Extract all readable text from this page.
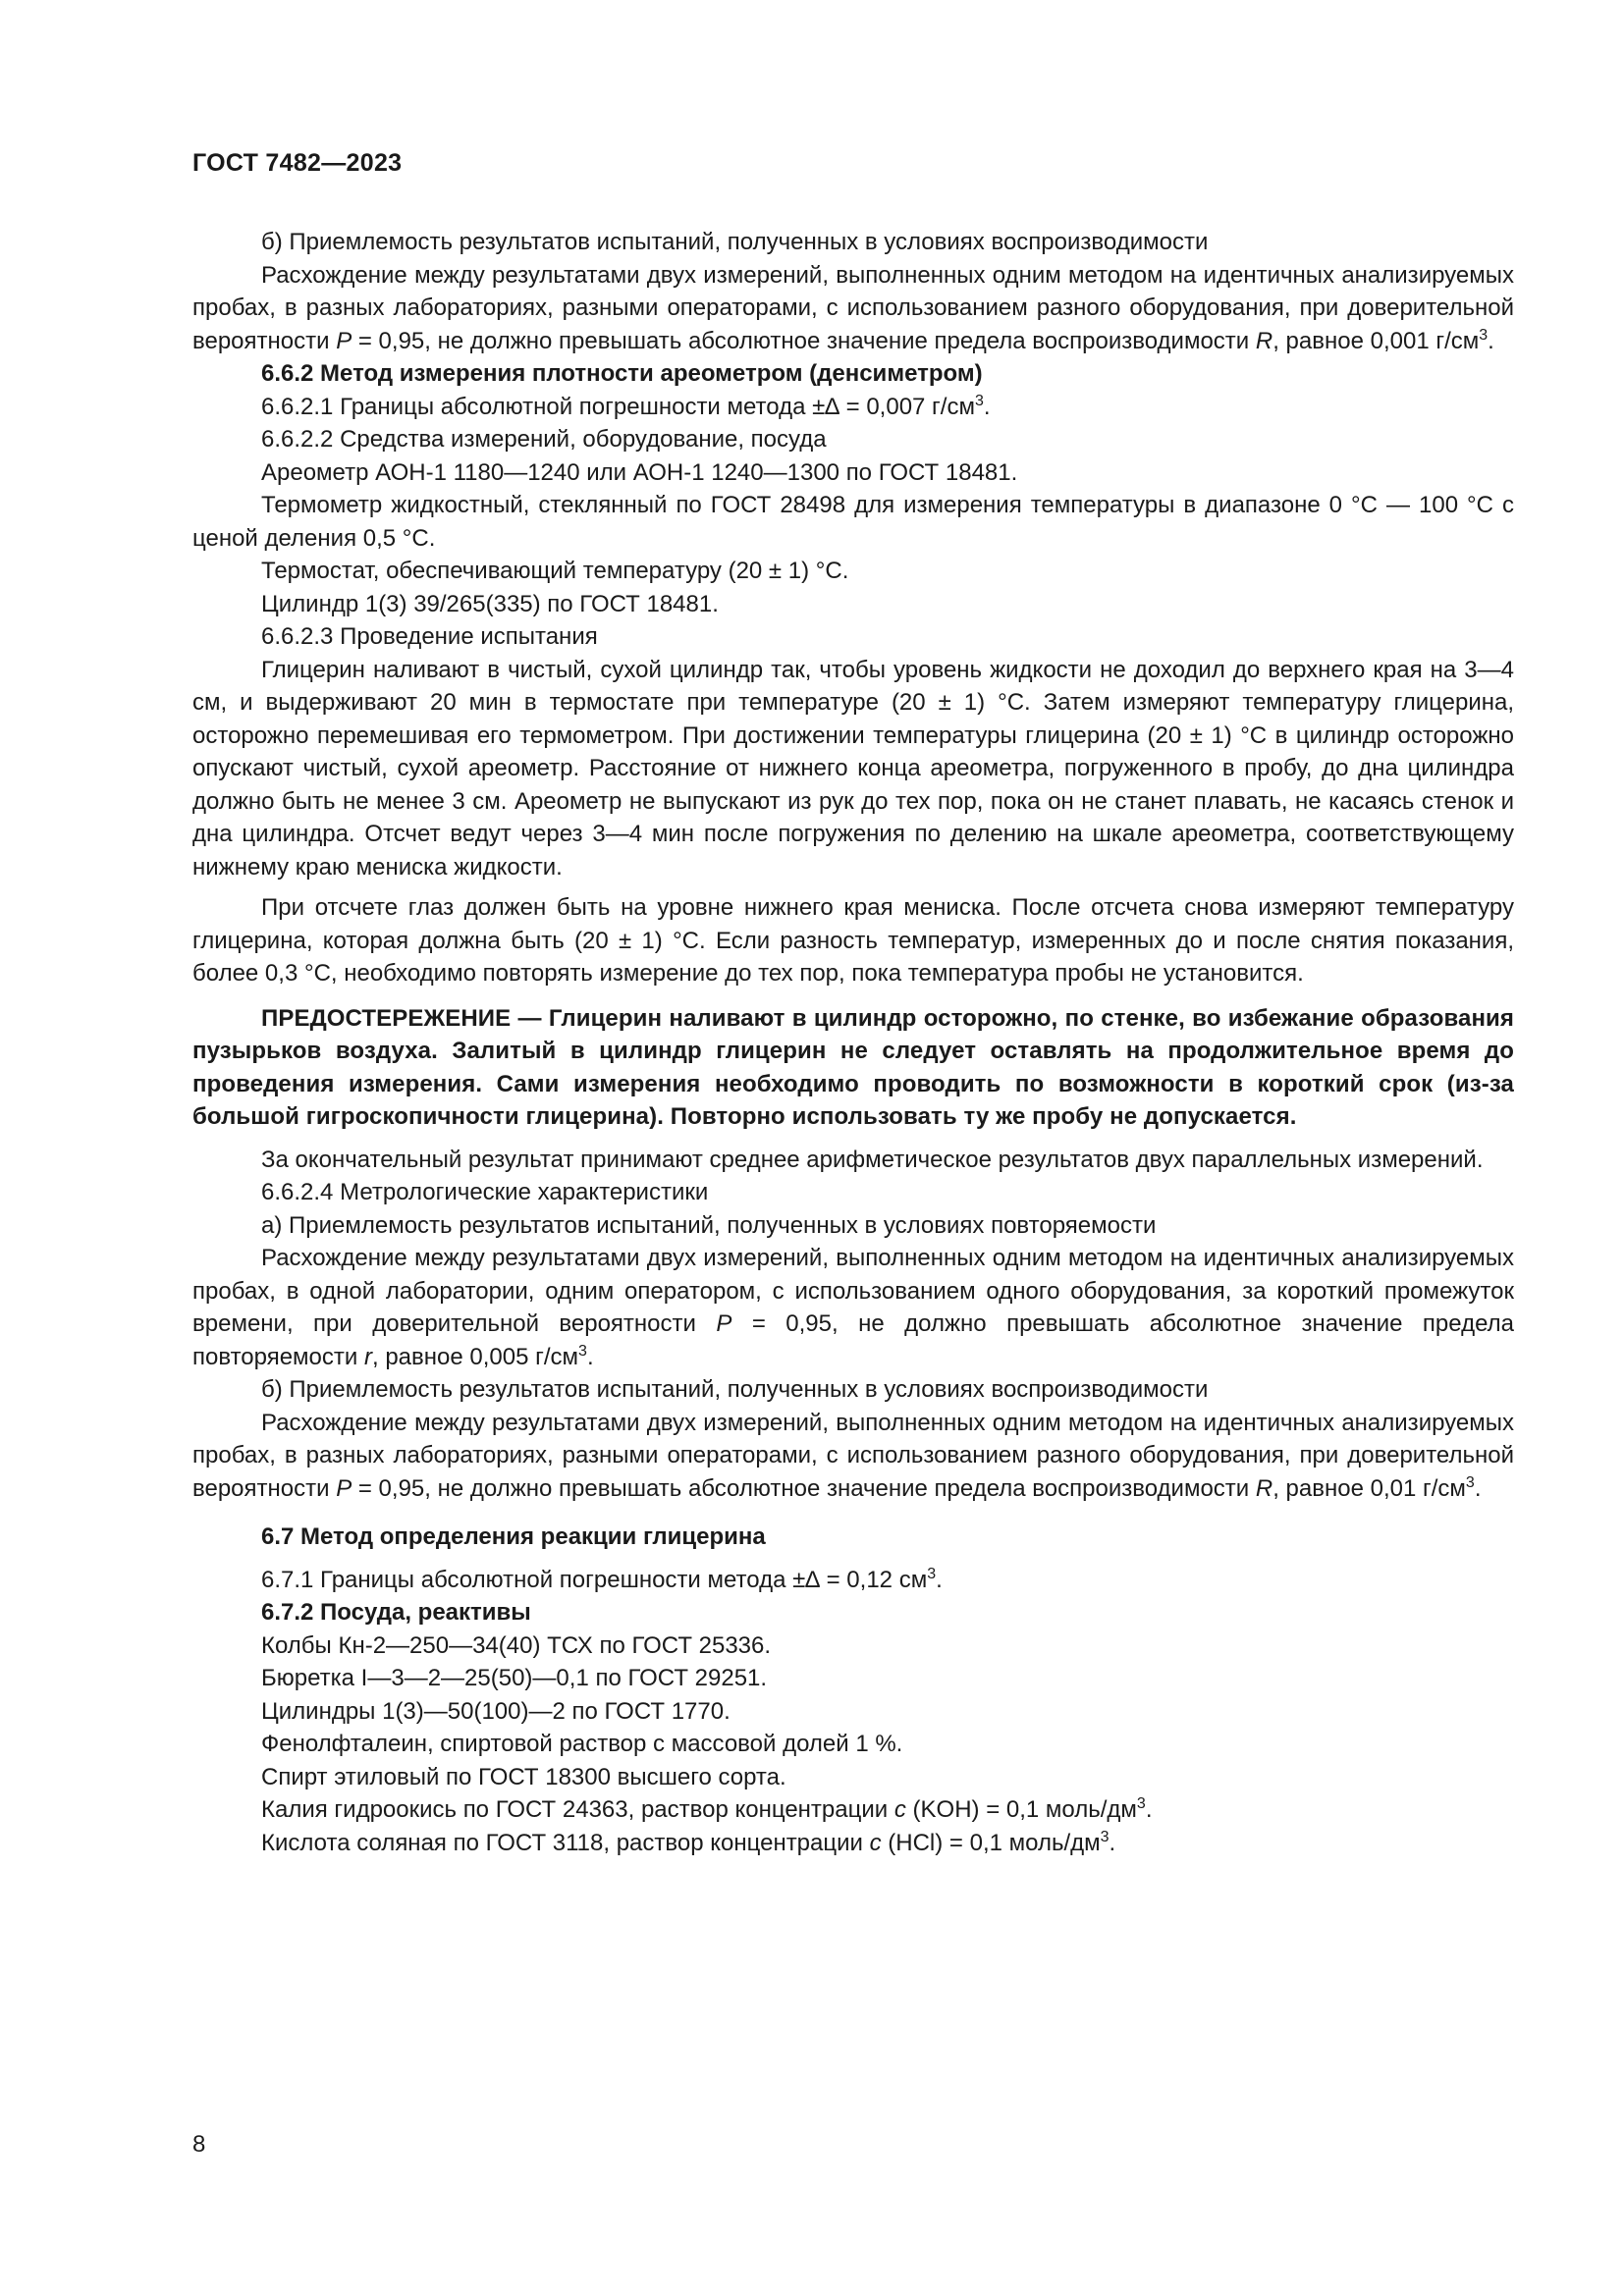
ГОСТ 7482—2023

б) Приемлемость результатов испытаний, полученных в условиях воспроизводимости

Расхождение между результатами двух измерений, выполненных одним методом на идентичных анализируемых пробах, в разных лабораториях, разными операторами, с использованием разного оборудования, при доверительной вероятности P = 0,95, не должно превышать абсолютное значение предела воспроизводимости R, равное 0,001 $г/см^3$.

6.6.2 Метод измерения плотности ареометром (денсиметром)

6.6.2.1 Границы абсолютной погрешности метода ±∆ = 0,007 $г/см^3$.

6.6.2.2 Средства измерений, оборудование, посуда

Ареометр АОН-1 1180—1240 или АОН-1 1240—1300 по ГОСТ 18481.

Термометр жидкостный, стеклянный по ГОСТ 28498 для измерения температуры в диапазоне 0 °С — 100 °С с ценой деления 0,5 °С.

Термостат, обеспечивающий температуру (20 ± 1) °С.

Цилиндр 1(3) 39/265(335) по ГОСТ 18481.

6.6.2.3 Проведение испытания

Глицерин наливают в чистый, сухой цилиндр так, чтобы уровень жидкости не доходил до верхнего края на 3—4 см, и выдерживают 20 мин в термостате при температуре (20 ± 1) °С. Затем измеряют температуру глицерина, осторожно перемешивая его термометром. При достижении температуры глицерина (20 ± 1) °С в цилиндр осторожно опускают чистый, сухой ареометр. Расстояние от нижнего конца ареометра, погруженного в пробу, до дна цилиндра должно быть не менее 3 см. Ареометр не выпускают из рук до тех пор, пока он не станет плавать, не касаясь стенок и дна цилиндра. Отсчет ведут через 3—4 мин после погружения по делению на шкале ареометра, соответствующему нижнему краю мениска жидкости.

При отсчете глаз должен быть на уровне нижнего края мениска. После отсчета снова измеряют температуру глицерина, которая должна быть (20 ± 1) °С. Если разность температур, измеренных до и после снятия показания, более 0,3 °С, необходимо повторять измерение до тех пор, пока температура пробы не установится.

ПРЕДОСТЕРЕЖЕНИЕ — Глицерин наливают в цилиндр осторожно, по стенке, во избежание образования пузырьков воздуха. Залитый в цилиндр глицерин не следует оставлять на продолжительное время до проведения измерения. Сами измерения необходимо проводить по возможности в короткий срок (из-за большой гигроскопичности глицерина). Повторно использовать ту же пробу не допускается.

За окончательный результат принимают среднее арифметическое результатов двух параллельных измерений.

6.6.2.4 Метрологические характеристики

а) Приемлемость результатов испытаний, полученных в условиях повторяемости

Расхождение между результатами двух измерений, выполненных одним методом на идентичных анализируемых пробах, в одной лаборатории, одним оператором, с использованием одного оборудования, за короткий промежуток времени, при доверительной вероятности P = 0,95, не должно превышать абсолютное значение предела повторяемости r, равное 0,005 $г/см^3$.

б) Приемлемость результатов испытаний, полученных в условиях воспроизводимости

Расхождение между результатами двух измерений, выполненных одним методом на идентичных анализируемых пробах, в разных лабораториях, разными операторами, с использованием разного оборудования, при доверительной вероятности P = 0,95, не должно превышать абсолютное значение предела воспроизводимости R, равное 0,01 $г/см^3$.

6.7 Метод определения реакции глицерина

6.7.1 Границы абсолютной погрешности метода ±∆ = 0,12 $см^3$.

6.7.2 Посуда, реактивы

Колбы Кн-2—250—34(40) ТСХ по ГОСТ 25336.

Бюретка I—3—2—25(50)—0,1 по ГОСТ 29251.

Цилиндры 1(3)—50(100)—2 по ГОСТ 1770.

Фенолфталеин, спиртовой раствор с массовой долей 1 %.

Спирт этиловый по ГОСТ 18300 высшего сорта.

Калия гидроокись по ГОСТ 24363, раствор концентрации c (KOH) = 0,1 моль/$дм^3$.

Кислота соляная по ГОСТ 3118, раствор концентрации c (HCl) = 0,1 моль/$дм^3$.

8
